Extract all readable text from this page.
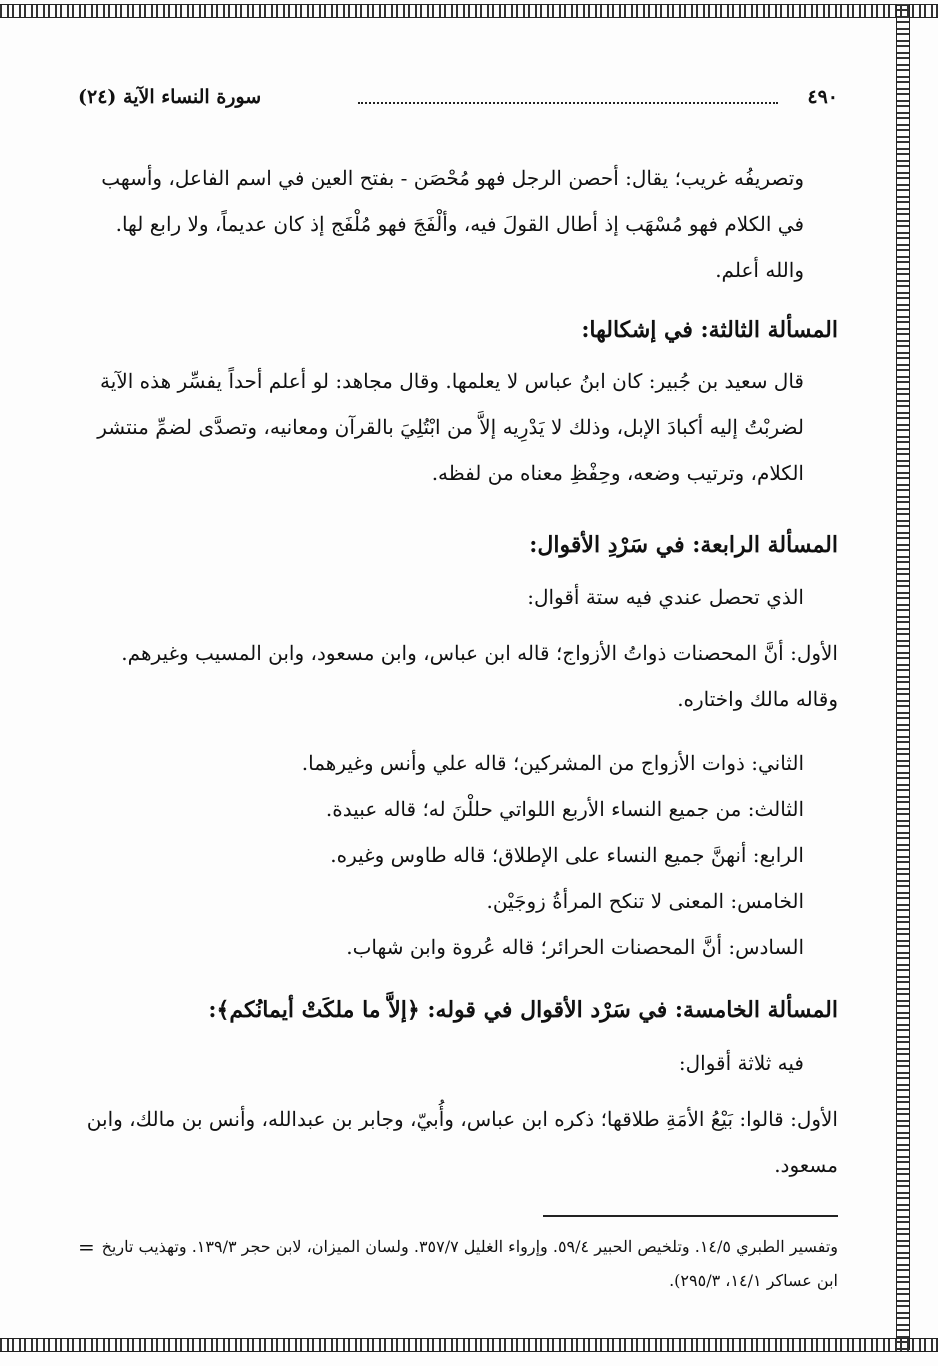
٤٩٠
سورة النساء الآية (٢٤)
وتصريفُه غريب؛ يقال: أحصن الرجل فهو مُحْصَن - بفتح العين في اسم الفاعل، وأسهب في الكلام فهو مُسْهَب إذ أطال القولَ فيه، وألْفَجَ فهو مُلْفَج إذ كان عديماً، ولا رابع لها. والله أعلم.
المسألة الثالثة: في إشكالها:
قال سعيد بن جُبير: كان ابنُ عباس لا يعلمها. وقال مجاهد: لو أعلم أحداً يفسِّر هذه الآية لضربْتُ إليه أكبادَ الإبل، وذلك لا يَدْرِيه إلاَّ من ابْتُلِيَ بالقرآن ومعانيه، وتصدَّى لضمِّ منتشر الكلام، وترتيب وضعه، وحِفْظِ معناه من لفظه.
المسألة الرابعة: في سَرْدِ الأقوال:
الذي تحصل عندي فيه ستة أقوال:
الأول: أنَّ المحصنات ذواتُ الأزواج؛ قاله ابن عباس، وابن مسعود، وابن المسيب وغيرهم. وقاله مالك واختاره.
الثاني: ذوات الأزواج من المشركين؛ قاله علي وأنس وغيرهما.
الثالث: من جميع النساء الأربع اللواتي حللْنَ له؛ قاله عبيدة.
الرابع: أنهنَّ جميع النساء على الإطلاق؛ قاله طاوس وغيره.
الخامس: المعنى لا تنكح المرأةُ زوجَيْن.
السادس: أنَّ المحصنات الحرائر؛ قاله عُروة وابن شهاب.
المسألة الخامسة: في سَرْد الأقوال في قوله: ﴿إلاَّ ما ملكَتْ أيمانُكم﴾:
فيه ثلاثة أقوال:
الأول: قالوا: بَيْعُ الأمَةِ طلاقها؛ ذكره ابن عباس، وأُبيّ، وجابر بن عبدالله، وأنس بن مالك، وابن مسعود.
وتفسير الطبري ١٤/٥. وتلخيص الحبير ٥٩/٤. وإرواء الغليل ٣٥٧/٧. ولسان الميزان، لابن حجر ١٣٩/٣. وتهذيب تاريخ ابن عساكر ١٤/١، ٢٩٥/٣).
=
